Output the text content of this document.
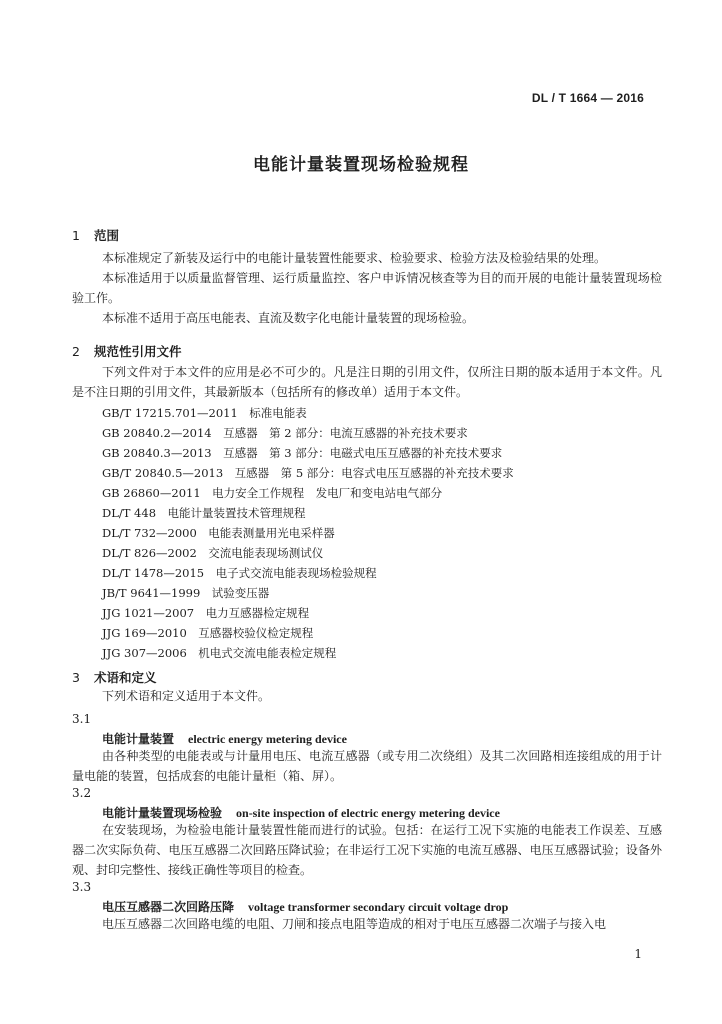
DL / T 1664 — 2016
电能计量装置现场检验规程
1 范围
本标准规定了新装及运行中的电能计量装置性能要求、检验要求、检验方法及检验结果的处理。
本标准适用于以质量监督管理、运行质量监控、客户申诉情况核查等为目的而开展的电能计量装置现场检验工作。
本标准不适用于高压电能表、直流及数字化电能计量装置的现场检验。
2 规范性引用文件
下列文件对于本文件的应用是必不可少的。凡是注日期的引用文件，仅所注日期的版本适用于本文件。凡是不注日期的引用文件，其最新版本（包括所有的修改单）适用于本文件。
GB/T 17215.701—2011　标准电能表
GB 20840.2—2014　互感器　第 2 部分：电流互感器的补充技术要求
GB 20840.3—2013　互感器　第 3 部分：电磁式电压互感器的补充技术要求
GB/T 20840.5—2013　互感器　第 5 部分：电容式电压互感器的补充技术要求
GB 26860—2011　电力安全工作规程　发电厂和变电站电气部分
DL/T 448　电能计量装置技术管理规程
DL/T 732—2000　电能表测量用光电采样器
DL/T 826—2002　交流电能表现场测试仪
DL/T 1478—2015　电子式交流电能表现场检验规程
JB/T 9641—1999　试验变压器
JJG 1021—2007　电力互感器检定规程
JJG 169—2010　互感器校验仪检定规程
JJG 307—2006　机电式交流电能表检定规程
3 术语和定义
下列术语和定义适用于本文件。
3.1
电能计量装置 electric energy metering device
由各种类型的电能表或与计量用电压、电流互感器（或专用二次绕组）及其二次回路相连接组成的用于计量电能的装置，包括成套的电能计量柜（箱、屏）。
3.2
电能计量装置现场检验 on-site inspection of electric energy metering device
在安装现场，为检验电能计量装置性能而进行的试验。包括：在运行工况下实施的电能表工作误差、互感器二次实际负荷、电压互感器二次回路压降试验；在非运行工况下实施的电流互感器、电压互感器试验；设备外观、封印完整性、接线正确性等项目的检查。
3.3
电压互感器二次回路压降 voltage transformer secondary circuit voltage drop
电压互感器二次回路电缆的电阻、刀闸和接点电阻等造成的相对于电压互感器二次端子与接入电
1
